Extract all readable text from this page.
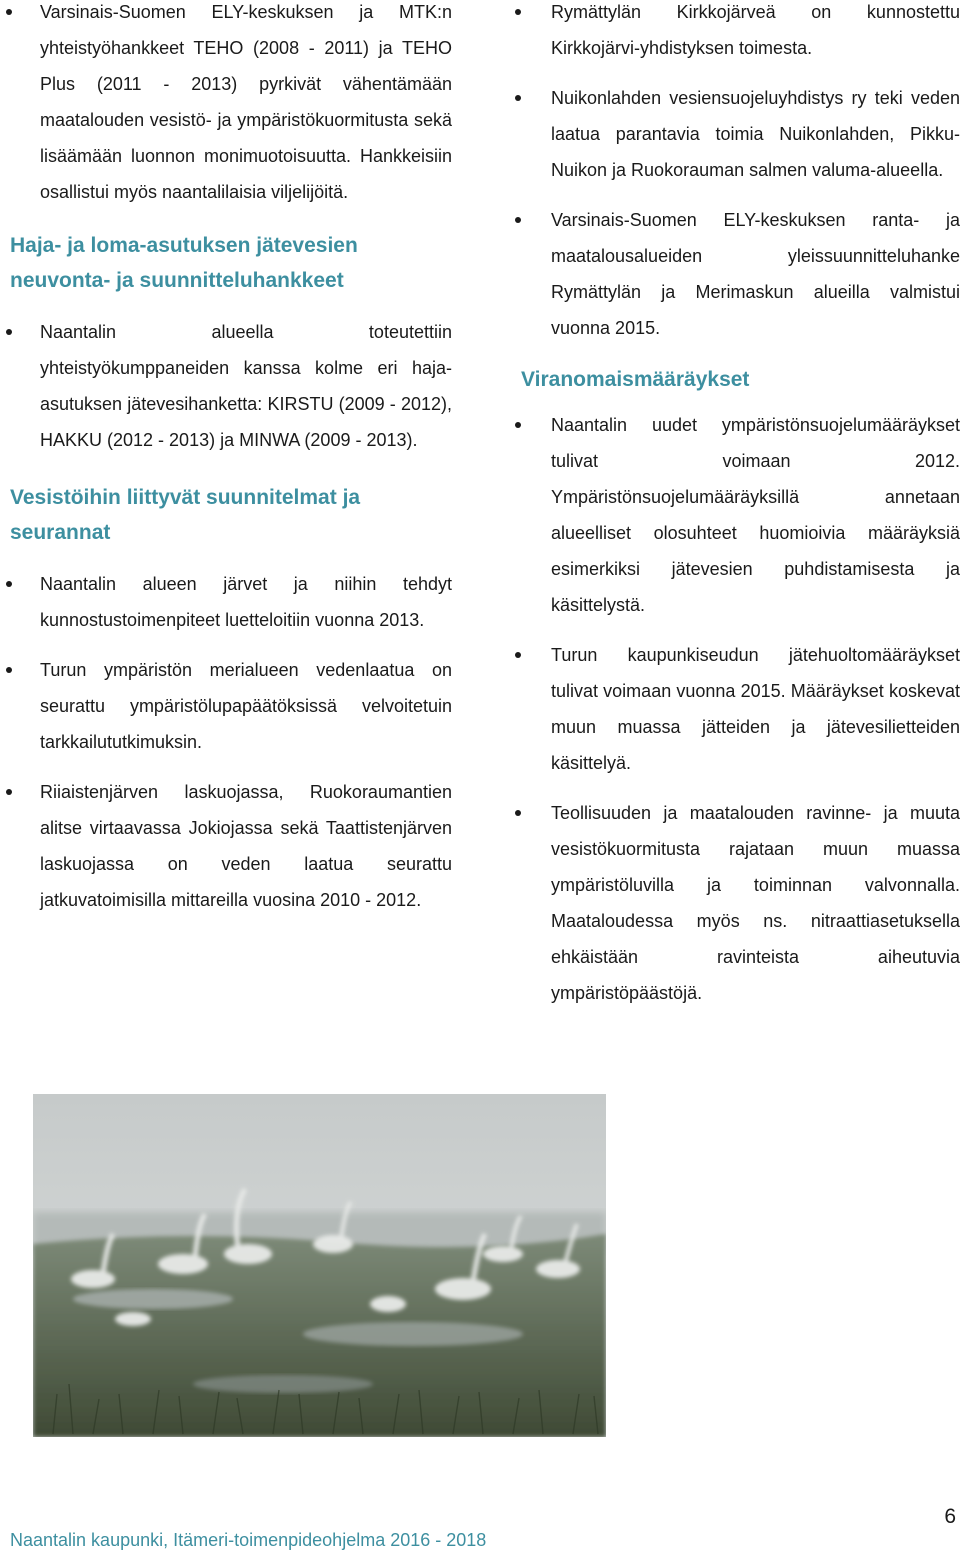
Varsinais-Suomen ELY-keskuksen ja MTK:n yhteistyöhankkeet TEHO (2008 - 2011) ja TEHO Plus (2011 - 2013) pyrkivät vähentämään maatalouden vesistö- ja ympäristökuormitusta sekä lisäämään luonnon monimuotoisuutta. Hankkeisiin osallistui myös naantalilaisia viljelijöitä.
Haja- ja loma-asutuksen jätevesien neuvonta- ja suunnitteluhankkeet
Naantalin alueella toteutettiin yhteistyökumppaneiden kanssa kolme eri haja-asutuksen jätevesihanketta: KIRSTU (2009 - 2012), HAKKU (2012 - 2013) ja MINWA (2009 - 2013).
Vesistöihin liittyvät suunnitelmat ja seurannat
Naantalin alueen järvet ja niihin tehdyt kunnostustoimenpiteet luetteloitiin vuonna 2013.
Turun ympäristön merialueen vedenlaatua on seurattu ympäristölupapäätöksissä velvoitetuin tarkkailututkimuksin.
Riiaistenjärven laskuojassa, Ruokoraumantien alitse virtaavassa Jokiojassa sekä Taattistenjärven laskuojassa on veden laatua seurattu jatkuvatoimisilla mittareilla vuosina 2010 - 2012.
Rymättylän Kirkkojärveä on kunnostettu Kirkkojärvi-yhdistyksen toimesta.
Nuikonlahden vesiensuojeluyhdistys ry teki veden laatua parantavia toimia Nuikonlahden, Pikku-Nuikon ja Ruokorauman salmen valuma-alueella.
Varsinais-Suomen ELY-keskuksen ranta- ja maatalousalueiden yleissuunnitteluhanke Rymättylän ja Merimaskun alueilla valmistui vuonna 2015.
Viranomaismääräykset
Naantalin uudet ympäristönsuojelumääräykset tulivat voimaan 2012. Ympäristönsuojelumääräyksillä annetaan alueelliset olosuhteet huomioivia määräyksiä esimerkiksi jätevesien puhdistamisesta ja käsittelystä.
Turun kaupunkiseudun jätehuoltomääräykset tulivat voimaan vuonna 2015. Määräykset koskevat muun muassa jätteiden ja jätevesilietteiden käsittelyä.
Teollisuuden ja maatalouden ravinne- ja muuta vesistökuormitusta rajataan muun muassa ympäristöluvilla ja toiminnan valvonnalla. Maataloudessa myös ns. nitraattiasetuksella ehkäistään ravinteista aiheutuvia ympäristöpäästöjä.
Naantalin kaupunki, Itämeri-toimenpideohjelma 2016 - 2018
6
